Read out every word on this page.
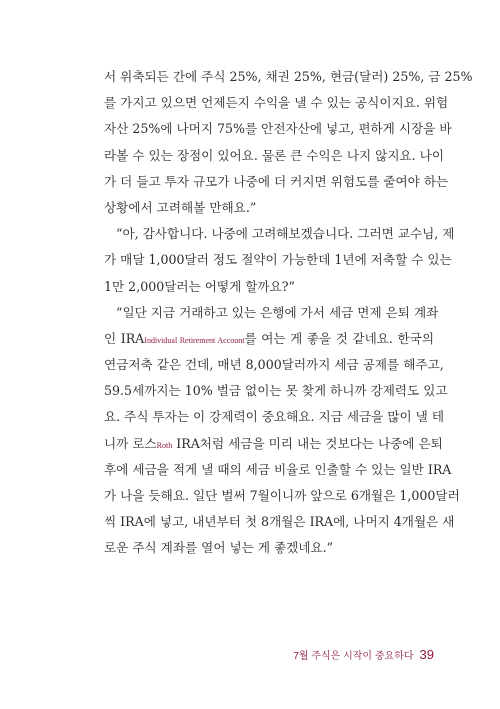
서 위축되든 간에 주식 25%, 채권 25%, 현금(달러) 25%, 금 25%
를 가지고 있으면 언제든지 수익을 낼 수 있는 공식이지요. 위험
자산 25%에 나머지 75%를 안전자산에 넣고, 편하게 시장을 바
라볼 수 있는 장점이 있어요. 물론 큰 수익은 나지 않지요. 나이
가 더 들고 투자 규모가 나중에 더 커지면 위험도를 줄여야 하는
상황에서 고려해볼 만해요.”
“아, 감사합니다. 나중에 고려해보겠습니다. 그러면 교수님, 제
가 매달 1,000달러 정도 절약이 가능한데 1년에 저축할 수 있는
1만 2,000달러는 어떻게 할까요?”
“일단 지금 거래하고 있는 은행에 가서 세금 면제 은퇴 계좌
인 IRAIndividual Retirement Account를 여는 게 좋을 것 같네요. 한국의
연금저축 같은 건데, 매년 8,000달러까지 세금 공제를 해주고,
59.5세까지는 10% 벌금 없이는 못 찾게 하니까 강제력도 있고
요. 주식 투자는 이 강제력이 중요해요. 지금 세금을 많이 낼 테
니까 로스Roth IRA처럼 세금을 미리 내는 것보다는 나중에 은퇴
후에 세금을 적게 낼 때의 세금 비율로 인출할 수 있는 일반 IRA
가 나을 듯해요. 일단 벌써 7월이니까 앞으로 6개월은 1,000달러
씩 IRA에 넣고, 내년부터 첫 8개월은 IRA에, 나머지 4개월은 새
로운 주식 계좌를 열어 넣는 게 좋겠네요.”
7월 주식은 시작이 중요하다 39
